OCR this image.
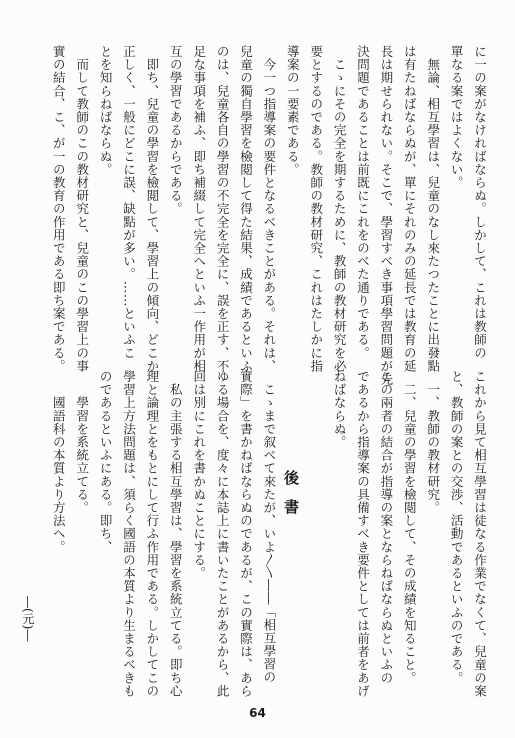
に一の案がなければならぬ。しかして、これは教師の
單なる案ではよくない。
　無論、相互學習は、兒童のなし來たつたことに出發點
は有たねばならぬが、單にそれのみの延長では教育の延
長は期せられない。そこで、學習すべき事項學習問題が先
決問題であることは前既にこれをのべた通りである。
　こゝにその完全を期するために、教師の教材研究を必
要とするのである。教師の教材研究、これはたしかに指
導案の一要素である。
　今一つ指導案の要件となるべきことがある。それは、
兒童の獨自學習を檢閲して得た結果、成績であるといふ
のは、兒童各自の學習の不完全を完全に、誤を正す、不
足な事項を補ふ、即ち補綴して完全へといふ一作用が相
互の學習であるからである。
　即ち、兒童の學習を檢閲して、學習上の傾向、どこか
正しく、一般にどこに誤、缺點が多い。……といふこ
とを知らねばならぬ。
　而して教師のこの教材研究と、兒童のこの學習上の事
實の結合、こ、が一の教育の作用である即ち案である。
これから見て相互學習は徒なる作業でなくて、兒童の案
と、教師の案との交渉、活動であるといふのである。
　一、教師の教材研究。
　二、兒童の學習を檢閲して、その成績を知ること。
この兩者の結合が指導の案とならねばならぬといふの
であるから指導案の具備すべき要件としては前者をあげ
ねばならぬ。
　こゝまで叙べて來たが、いよ〱――「相互學習の
實際」を書かねばならぬのであるが、この實際は、あら
ゆる場合を、度々に本誌上に書いたことがあるから、此
回は別にこれを書かぬことにする。
　私の主張する相互學習は、學習を系統立てる。即ち心
理と論理とをもとにして行ふ作用である。しかしてこの
學習上方法問題は、須らく國語の本質より生まるべきも
のであるといふにある。即ち、
　　學習を系統立てる。
　　國語科の本質より方法へ。	後書
―(元)―
64
